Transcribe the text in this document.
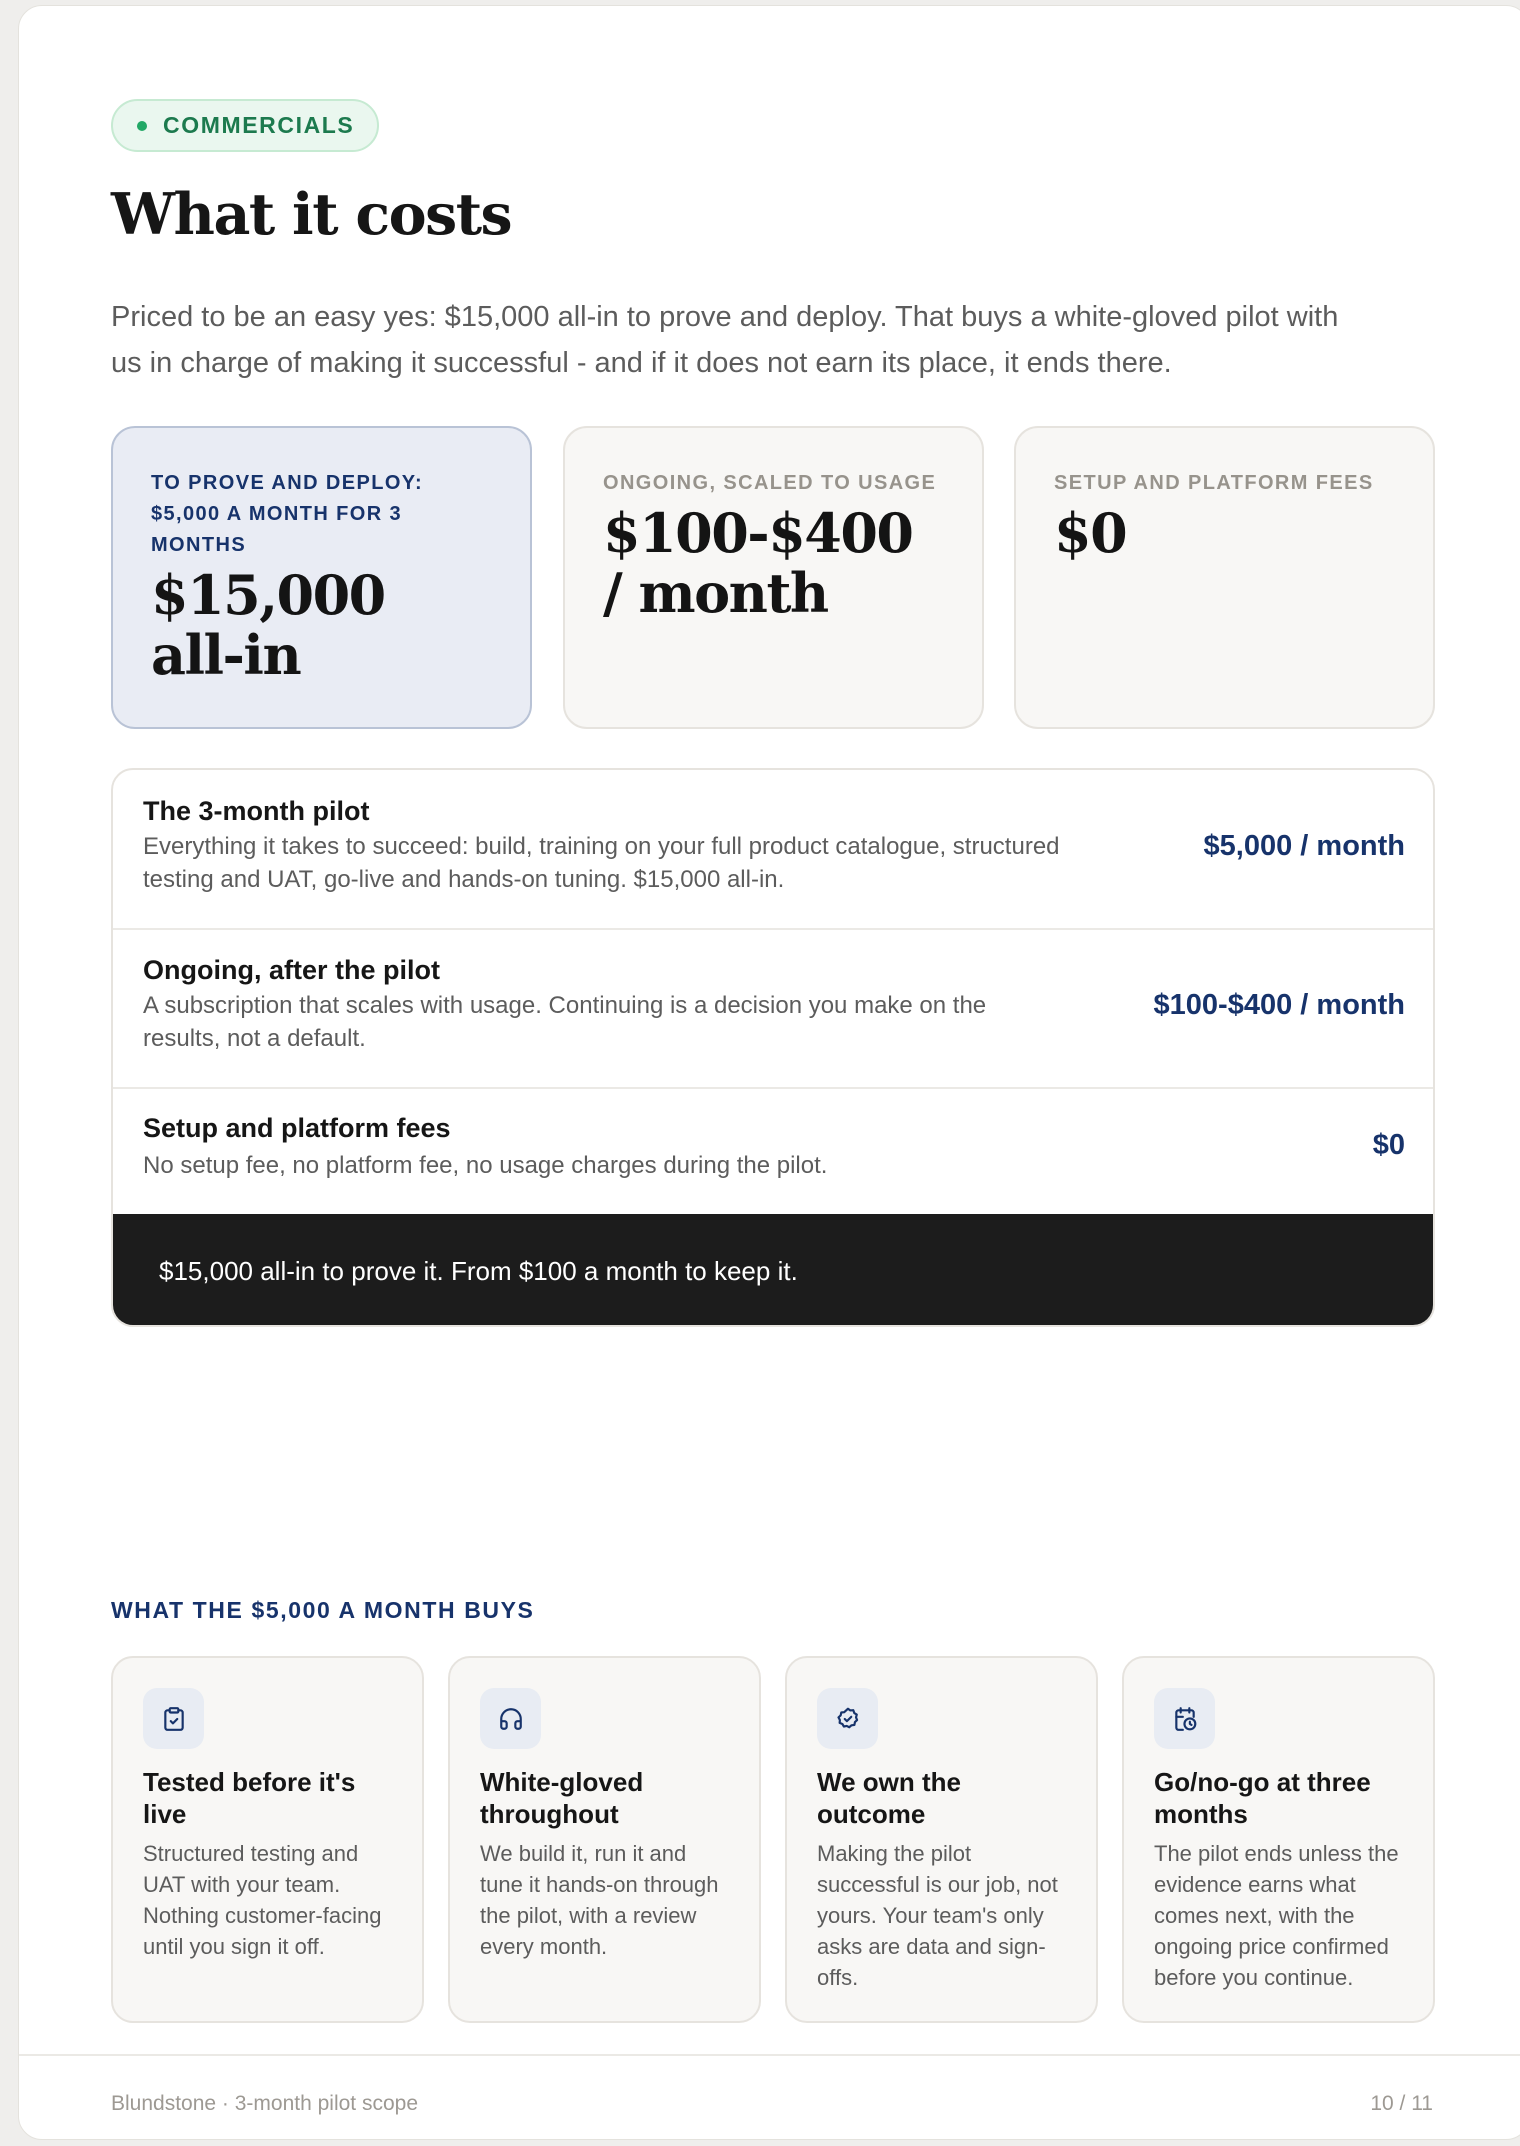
COMMERCIALS
What it costs

Priced to be an easy yes: $15,000 all-in to prove and deploy. That buys a white-gloved pilot with us in charge of making it successful - and if it does not earn its place, it ends there.

TO PROVE AND DEPLOY: $5,000 A MONTH FOR 3 MONTHS
$15,000 all-in
ONGOING, SCALED TO USAGE
$100-$400 / month
SETUP AND PLATFORM FEES
$0
The 3-month pilot
Everything it takes to succeed: build, training on your full product catalogue, structured testing and UAT, go-live and hands-on tuning. $15,000 all-in.
$5,000 / month
Ongoing, after the pilot
A subscription that scales with usage. Continuing is a decision you make on the results, not a default.
$100-$400 / month
Setup and platform fees
No setup fee, no platform fee, no usage charges during the pilot.
$0
$15,000 all-in to prove it. From $100 a month to keep it.
WHAT THE $5,000 A MONTH BUYS
Tested before it's live
Structured testing and UAT with your team. Nothing customer-facing until you sign it off.
White-gloved throughout
We build it, run it and tune it hands-on through the pilot, with a review every month.
We own the outcome
Making the pilot successful is our job, not yours. Your team's only asks are data and sign-offs.
Go/no-go at three months
The pilot ends unless the evidence earns what comes next, with the ongoing price confirmed before you continue.
Blundstone · 3-month pilot scope	10 / 11
